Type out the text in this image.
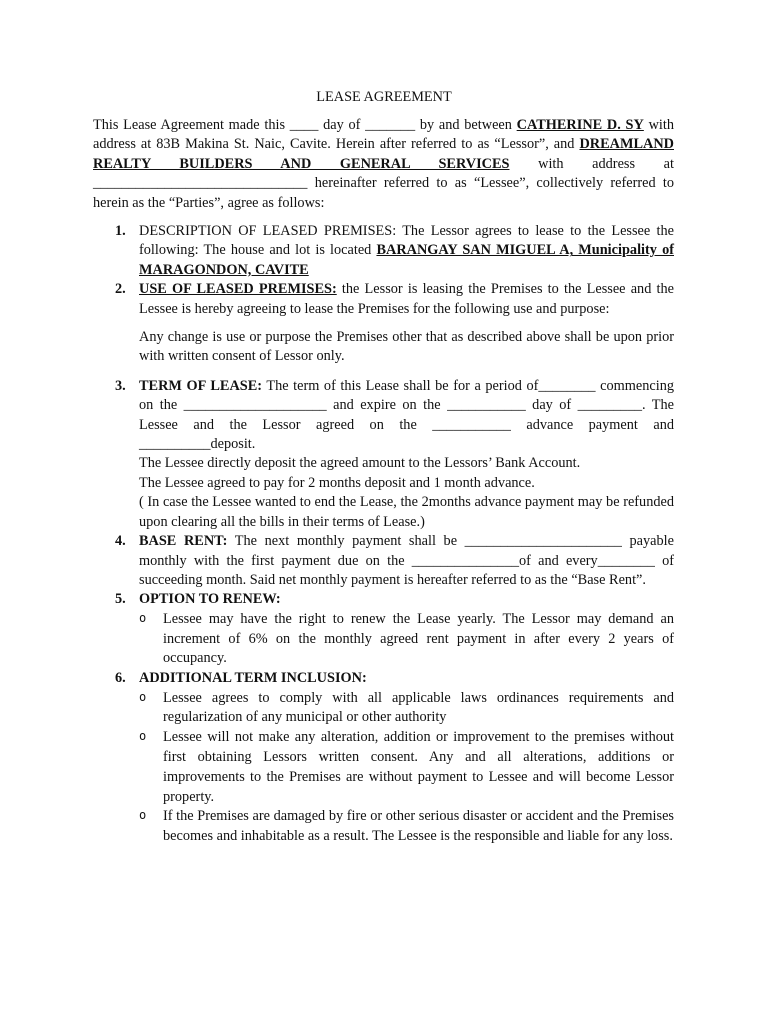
LEASE AGREEMENT

This Lease Agreement made this ____ day of _______ by and between CATHERINE D. SY with address at 83B Makina St. Naic, Cavite. Herein after referred to as “Lessor”, and DREAMLAND REALTY BUILDERS AND GENERAL SERVICES with address at ______________________________ hereinafter referred to as “Lessee”, collectively referred to herein as the “Parties”, agree as follows:

1. DESCRIPTION OF LEASED PREMISES: The Lessor agrees to lease to the Lessee the following: The house and lot is located BARANGAY SAN MIGUEL A, Municipality of MARAGONDON, CAVITE

2. USE OF LEASED PREMISES: the Lessor is leasing the Premises to the Lessee and the Lessee is hereby agreeing to lease the Premises for the following use and purpose:

Any change is use or purpose the Premises other that as described above shall be upon prior with written consent of Lessor only.

3. TERM OF LEASE: The term of this Lease shall be for a period of________ commencing on the ____________________ and expire on the ___________ day of _________. The Lessee and the Lessor agreed on the ___________ advance payment and __________deposit.

The Lessee directly deposit the agreed amount to the Lessors’ Bank Account.

The Lessee agreed to pay for 2 months deposit and 1 month advance.

( In case the Lessee wanted to end the Lease, the 2months advance payment may be refunded upon clearing all the bills in their terms of Lease.)

4. BASE RENT: The next monthly payment shall be ______________________ payable monthly with the first payment due on the _______________of and every________ of succeeding month. Said net monthly payment is hereafter referred to as the “Base Rent”.

5. OPTION TO RENEW:

o Lessee may have the right to renew the Lease yearly. The Lessor may demand an increment of 6% on the monthly agreed rent payment in after every 2 years of occupancy.

6. ADDITIONAL TERM INCLUSION:

o Lessee agrees to comply with all applicable laws ordinances requirements and regularization of any municipal or other authority

o Lessee will not make any alteration, addition or improvement to the premises without first obtaining Lessors written consent. Any and all alterations, additions or improvements to the Premises are without payment to Lessee and will become Lessor property.

o If the Premises are damaged by fire or other serious disaster or accident and the Premises becomes and inhabitable as a result. The Lessee is the responsible and liable for any loss.
